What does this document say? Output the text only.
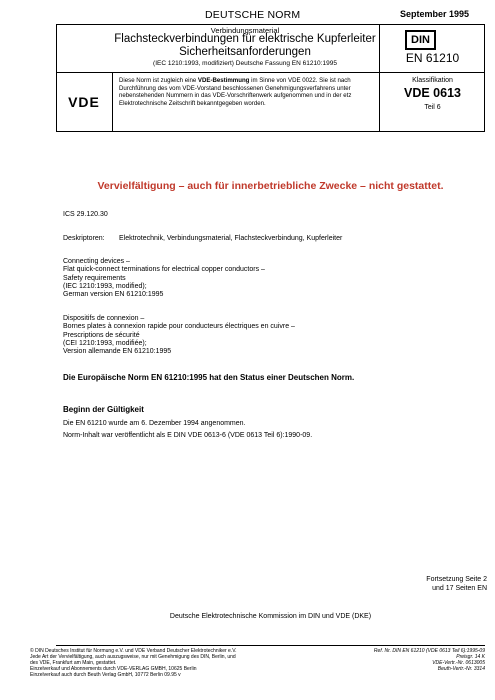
DEUTSCHE NORM	September 1995
Verbindungsmaterial
Flachsteckverbindungen für elektrische Kupferleiter
Sicherheitsanforderungen
(IEC 1210:1993, modifiziert) Deutsche Fassung EN 61210:1995
DIN
EN 61210
VDE
Diese Norm ist zugleich eine VDE-Bestimmung im Sinne von VDE 0022. Sie ist nach Durchführung des vom VDE-Vorstand beschlossenen Genehmigungsverfahrens unter nebenstehenden Nummern in das VDE-Vorschriftenwerk aufgenommen und in der etz Elektrotechnische Zeitschrift bekanntgegeben worden.
Klassifikation
VDE 0613
Teil 6
Vervielfältigung – auch für innerbetriebliche Zwecke – nicht gestattet.
ICS 29.120.30
Deskriptoren: Elektrotechnik, Verbindungsmaterial, Flachsteckverbindung, Kupferleiter
Connecting devices –
Flat quick-connect terminations for electrical copper conductors –
Safety requirements
(IEC 1210:1993, modified);
German version EN 61210:1995
Dispositifs de connexion –
Bornes plates à connexion rapide pour conducteurs électriques en cuivre –
Prescriptions de sécurité
(CEI 1210:1993, modifiée);
Version allemande EN 61210:1995
Die Europäische Norm EN 61210:1995 hat den Status einer Deutschen Norm.
Beginn der Gültigkeit
Die EN 61210 wurde am 6. Dezember 1994 angenommen.
Norm-Inhalt war veröffentlicht als E DIN VDE 0613-6 (VDE 0613 Teil 6):1990-09.
Fortsetzung Seite 2
und 17 Seiten EN
Deutsche Elektrotechnische Kommission im DIN und VDE (DKE)
© DIN Deutsches Institut für Normung e.V. und VDE Verband Deutscher Elektrotechniker e.V.
Jede Art der Vervielfältigung, auch auszugsweise, nur mit Genehmigung des DIN, Berlin, und
des VDE, Frankfurt am Main, gestattet.
Einzelverkauf und Abonnements durch VDE-VERLAG GMBH, 10625 Berlin
Einzelverkauf auch durch Beuth Verlag GmbH, 10772 Berlin 09.95 v
Ref. Nr. DIN EN 61210 (VDE 0613 Teil 6):1995-09
Preisgr. 14 K
VDE-Vertr.-Nr. 0613005
Beuth-Vertr.-Nr. 3314
